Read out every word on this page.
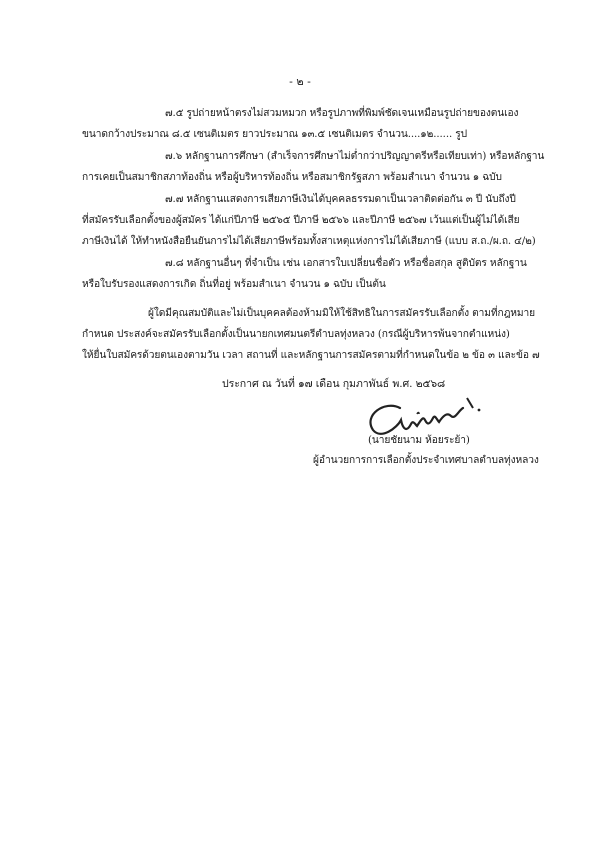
- ๒ -
๗.๕ รูปถ่ายหน้าตรงไม่สวมหมวก หรือรูปภาพที่พิมพ์ชัดเจนเหมือนรูปถ่ายของตนเอง
ขนาดกว้างประมาณ ๘.๕ เซนติเมตร ยาวประมาณ ๑๓.๕ เซนติเมตร จำนวน....๑๒...... รูป
๗.๖ หลักฐานการศึกษา (สำเร็จการศึกษาไม่ต่ำกว่าปริญญาตรีหรือเทียบเท่า) หรือหลักฐาน
การเคยเป็นสมาชิกสภาท้องถิ่น หรือผู้บริหารท้องถิ่น หรือสมาชิกรัฐสภา พร้อมสำเนา จำนวน ๑ ฉบับ
๗.๗ หลักฐานแสดงการเสียภาษีเงินได้บุคคลธรรมดาเป็นเวลาติดต่อกัน ๓ ปี นับถึงปี
ที่สมัครรับเลือกตั้งของผู้สมัคร ได้แก่ปีภาษี ๒๕๖๕ ปีภาษี ๒๕๖๖ และปีภาษี ๒๕๖๗ เว้นแต่เป็นผู้ไม่ได้เสีย
ภาษีเงินได้ ให้ทำหนังสือยืนยันการไม่ได้เสียภาษีพร้อมทั้งสาเหตุแห่งการไม่ได้เสียภาษี (แบบ ส.ถ./ผ.ถ. ๔/๒)
๗.๘ หลักฐานอื่นๆ ที่จำเป็น เช่น เอกสารใบเปลี่ยนชื่อตัว หรือชื่อสกุล สูติบัตร หลักฐาน
หรือใบรับรองแสดงการเกิด ถิ่นที่อยู่ พร้อมสำเนา จำนวน ๑ ฉบับ เป็นต้น
ผู้ใดมีคุณสมบัติและไม่เป็นบุคคลต้องห้ามมิให้ใช้สิทธิในการสมัครรับเลือกตั้ง ตามที่กฎหมาย
กำหนด ประสงค์จะสมัครรับเลือกตั้งเป็นนายกเทศมนตรีตำบลทุ่งหลวง (กรณีผู้บริหารพ้นจากตำแหน่ง)
ให้ยื่นใบสมัครด้วยตนเองตามวัน เวลา สถานที่ และหลักฐานการสมัครตามที่กำหนดในข้อ ๒ ข้อ ๓ และข้อ ๗
ประกาศ ณ วันที่ ๑๗ เดือน กุมภาพันธ์ พ.ศ. ๒๕๖๘
(นายชัยนาม ห้อยระย้า)
ผู้อำนวยการการเลือกตั้งประจำเทศบาลตำบลทุ่งหลวง
